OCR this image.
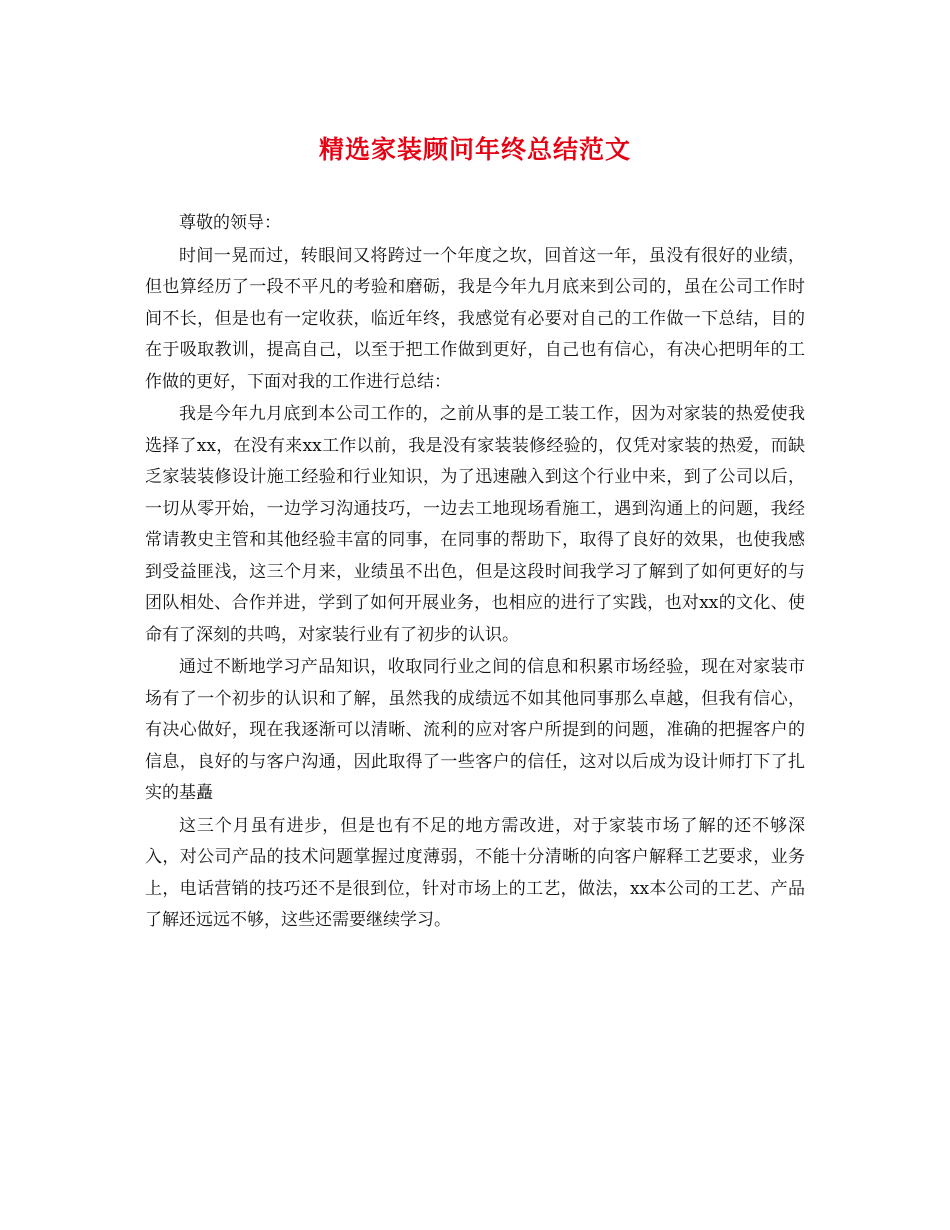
精选家装顾问年终总结范文

尊敬的领导：

时间一晃而过，转眼间又将跨过一个年度之坎，回首这一年，虽没有很好的业绩，但也算经历了一段不平凡的考验和磨砺，我是今年九月底来到公司的，虽在公司工作时间不长，但是也有一定收获，临近年终，我感觉有必要对自己的工作做一下总结，目的在于吸取教训，提高自己，以至于把工作做到更好，自己也有信心，有决心把明年的工作做的更好，下面对我的工作进行总结：

我是今年九月底到本公司工作的，之前从事的是工装工作，因为对家装的热爱使我选择了xx，在没有来xx工作以前，我是没有家装装修经验的，仅凭对家装的热爱，而缺乏家装装修设计施工经验和行业知识，为了迅速融入到这个行业中来，到了公司以后，一切从零开始，一边学习沟通技巧，一边去工地现场看施工，遇到沟通上的问题，我经常请教史主管和其他经验丰富的同事，在同事的帮助下，取得了良好的效果，也使我感到受益匪浅，这三个月来，业绩虽不出色，但是这段时间我学习了解到了如何更好的与团队相处、合作并进，学到了如何开展业务，也相应的进行了实践，也对xx的文化、使命有了深刻的共鸣，对家装行业有了初步的认识。

通过不断地学习产品知识，收取同行业之间的信息和积累市场经验，现在对家装市场有了一个初步的认识和了解，虽然我的成绩远不如其他同事那么卓越，但我有信心，有决心做好，现在我逐渐可以清晰、流利的应对客户所提到的问题，准确的把握客户的信息，良好的与客户沟通，因此取得了一些客户的信任，这对以后成为设计师打下了扎实的基矗

这三个月虽有进步，但是也有不足的地方需改进，对于家装市场了解的还不够深入，对公司产品的技术问题掌握过度薄弱，不能十分清晰的向客户解释工艺要求，业务上，电话营销的技巧还不是很到位，针对市场上的工艺，做法，xx本公司的工艺、产品了解还远远不够，这些还需要继续学习。
